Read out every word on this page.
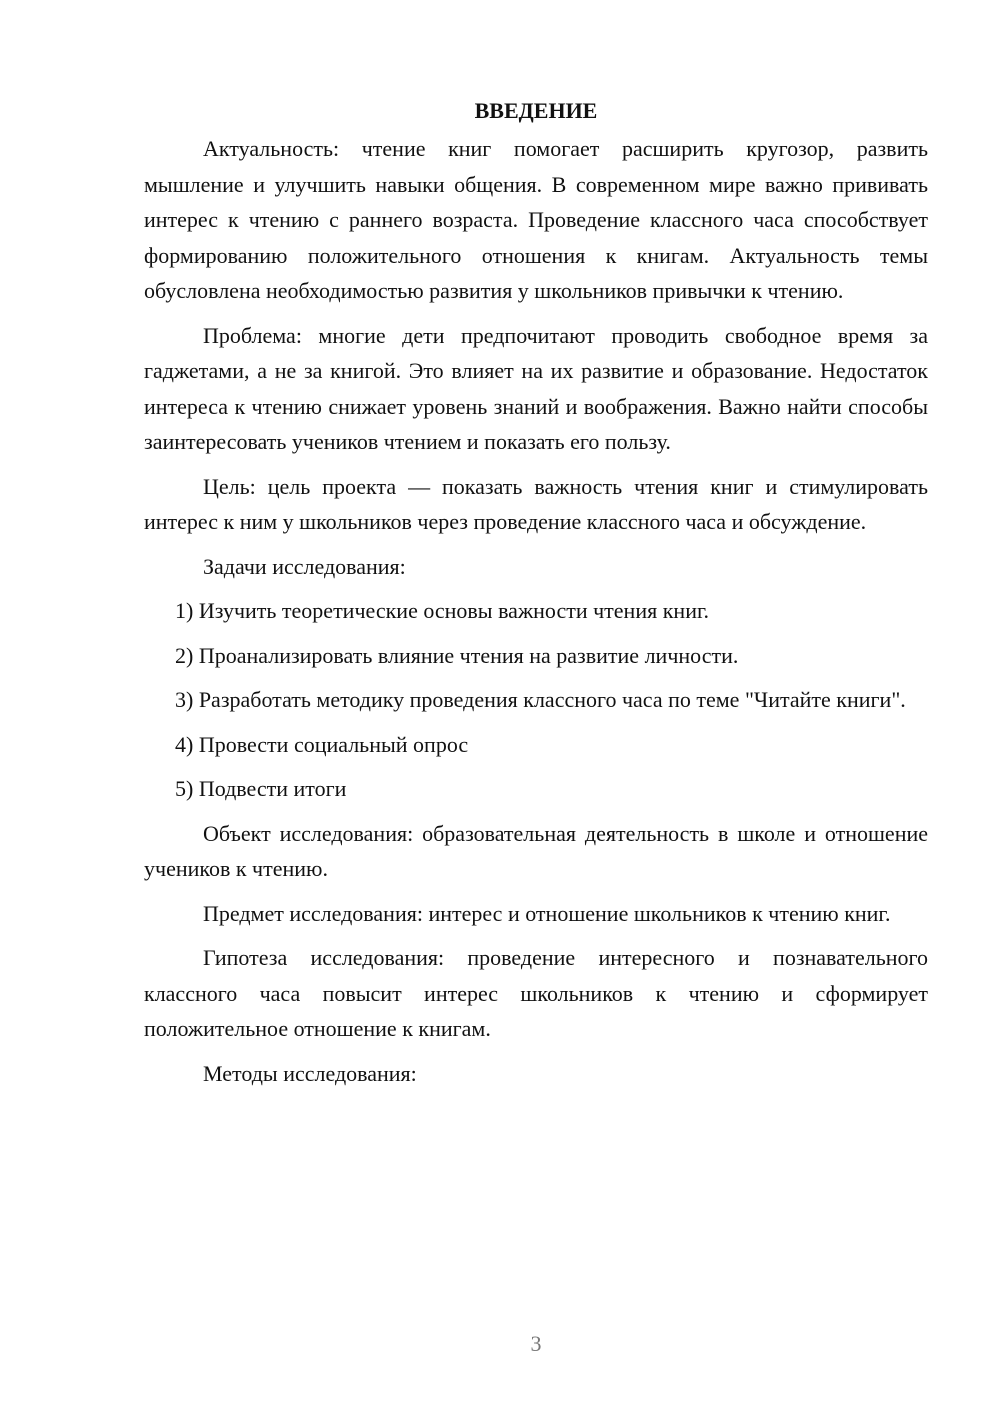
ВВЕДЕНИЕ

Актуальность: чтение книг помогает расширить кругозор, развить мышление и улучшить навыки общения. В современном мире важно прививать интерес к чтению с раннего возраста. Проведение классного часа способствует формированию положительного отношения к книгам. Актуальность темы обусловлена необходимостью развития у школьников привычки к чтению.

Проблема: многие дети предпочитают проводить свободное время за гаджетами, а не за книгой. Это влияет на их развитие и образование. Недостаток интереса к чтению снижает уровень знаний и воображения. Важно найти способы заинтересовать учеников чтением и показать его пользу.

Цель: цель проекта — показать важность чтения книг и стимулировать интерес к ним у школьников через проведение классного часа и обсуждение.

Задачи исследования:

1) Изучить теоретические основы важности чтения книг.

2) Проанализировать влияние чтения на развитие личности.

3) Разработать методику проведения классного часа по теме "Читайте книги".

4) Провести социальный опрос

5) Подвести итоги

Объект исследования: образовательная деятельность в школе и отношение учеников к чтению.

Предмет исследования: интерес и отношение школьников к чтению книг.

Гипотеза исследования: проведение интересного и познавательного классного часа повысит интерес школьников к чтению и сформирует положительное отношение к книгам.

Методы исследования:

3
